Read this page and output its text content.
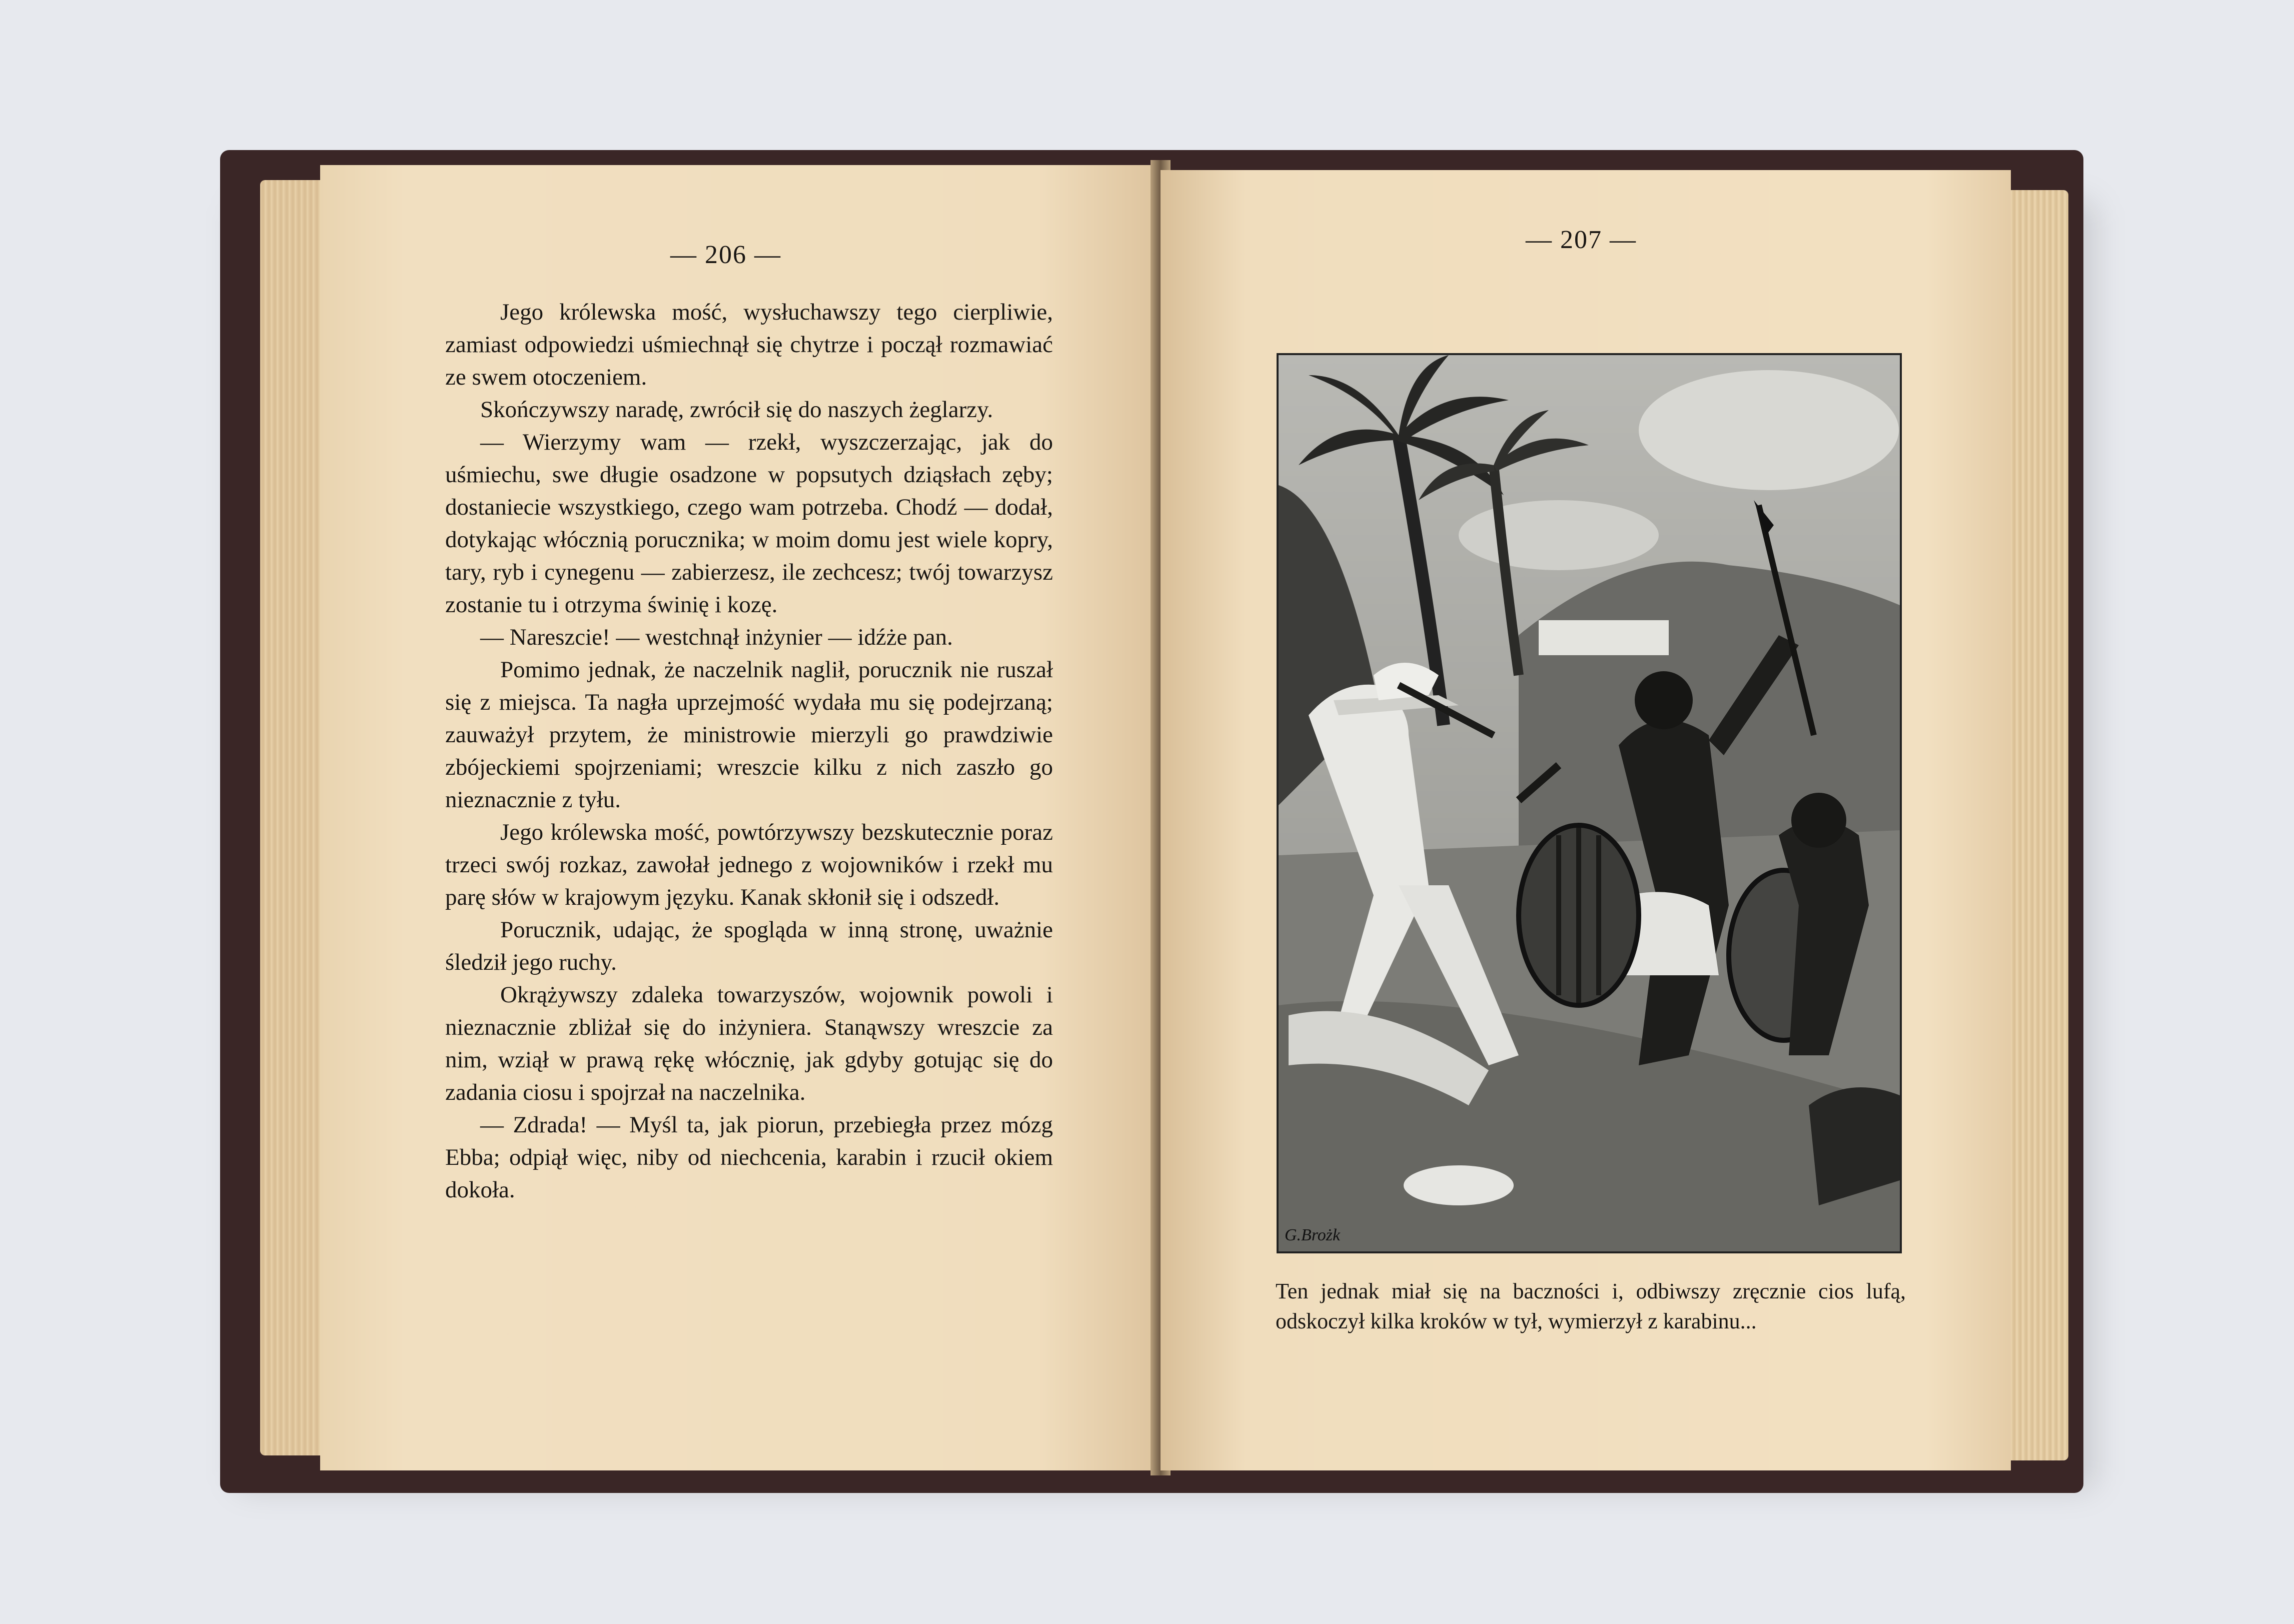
— 206 —

Jego królewska mość, wysłuchawszy tego cierpliwie, zamiast odpowiedzi uśmiechnął się chytrze i począł rozmawiać ze swem otoczeniem.

Skończywszy naradę, zwrócił się do naszych żeglarzy.

— Wierzymy wam — rzekł, wyszczerzając, jak do uśmiechu, swe długie osadzone w popsutych dziąsłach zęby; dostaniecie wszystkiego, czego wam potrzeba. Chodź — dodał, dotykając włócznią porucznika; w moim domu jest wiele kopry, tary, ryb i cynegenu — zabierzesz, ile zechcesz; twój towarzysz zostanie tu i otrzyma świnię i kozę.

— Nareszcie! — westchnął inżynier — idźże pan.

Pomimo jednak, że naczelnik naglił, porucznik nie ruszał się z miejsca. Ta nagła uprzejmość wydała mu się podejrzaną; zauważył przytem, że ministrowie mierzyli go prawdziwie zbójeckiemi spojrzeniami; wreszcie kilku z nich zaszło go nieznacznie z tyłu.

Jego królewska mość, powtórzywszy bezskutecznie poraz trzeci swój rozkaz, zawołał jednego z wojowników i rzekł mu parę słów w krajowym języku. Kanak skłonił się i odszedł.

Porucznik, udając, że spogląda w inną stronę, uważnie śledził jego ruchy.

Okrążywszy zdaleka towarzyszów, wojownik powoli i nieznacznie zbliżał się do inżyniera. Stanąwszy wreszcie za nim, wziął w prawą rękę włócznię, jak gdyby gotując się do zadania ciosu i spojrzał na naczelnika.

— Zdrada! — Myśl ta, jak piorun, przebiegła przez mózg Ebba; odpiął więc, niby od niechcenia, karabin i rzucił okiem dokoła.

— 207 —
G.Brożk
Ten jednak miał się na baczności i, odbiwszy zręcznie cios lufą, odskoczył kilka kroków w tył, wymierzył z karabinu...
